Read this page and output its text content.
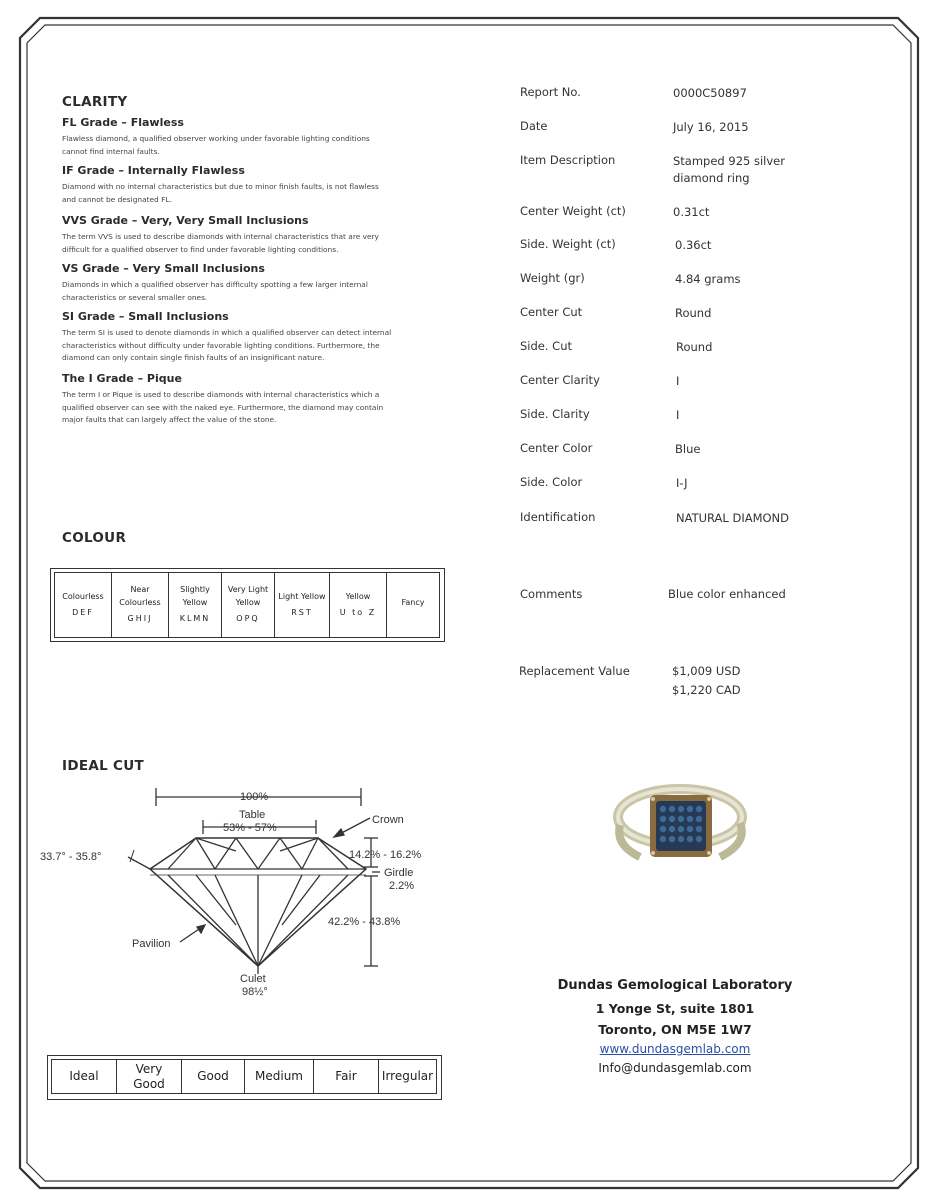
CLARITY
FL Grade – Flawless
Flawless diamond, a qualified observer working under favorable lighting conditions
cannot find internal faults.
IF Grade – Internally Flawless
Diamond with no internal characteristics but due to minor finish faults, is not flawless
and cannot be designated FL.
VVS Grade – Very, Very Small Inclusions
The term VVS is used to describe diamonds with internal characteristics that are very
difficult for a qualified observer to find under favorable lighting conditions.
VS Grade – Very Small Inclusions
Diamonds in which a qualified observer has difficulty spotting a few larger internal
characteristics or several smaller ones.
SI Grade – Small Inclusions
The term SI is used to denote diamonds in which a qualified observer can detect internal
characteristics without difficulty under favorable lighting conditions. Furthermore, the
diamond can only contain single finish faults of an insignificant nature.
The I Grade – Pique
The term I or Pique is used to describe diamonds with internal characteristics which a
qualified observer can see with the naked eye. Furthermore, the diamond may contain
major faults that can largely affect the value of the stone.
COLOUR
Colourless
DEF
	Near Colourless
GHIJ
	Slightly Yellow
KLMN
	Very Light Yellow
OPQ
	Light Yellow
RST
	Yellow
U to Z
	Fancy
IDEAL CUT
100%
Table
53% - 57%
Crown
33.7° - 35.8°	14.2% - 16.2%
Girdle
2.2%
42.2% - 43.8%
Pavilion
Culet
98½°
Ideal	Very Good	Good	Medium	Fair	Irregular
Report No.	0000C50897
Date	July 16, 2015
Item Description	Stamped 925 silver diamond ring
Center Weight (ct)	0.31ct
Side. Weight (ct)	0.36ct
Weight (gr)	4.84 grams
Center Cut	Round
Side. Cut	Round
Center Clarity	I
Side. Clarity	I
Center Color	Blue
Side. Color	I-J
Identification	NATURAL DIAMOND
Comments	Blue color enhanced
Replacement Value	$1,009 USD
$1,220 CAD
Dundas Gemological Laboratory
1 Yonge St, suite 1801
Toronto, ON M5E 1W7
www.dundasgemlab.com
Info@dundasgemlab.com
